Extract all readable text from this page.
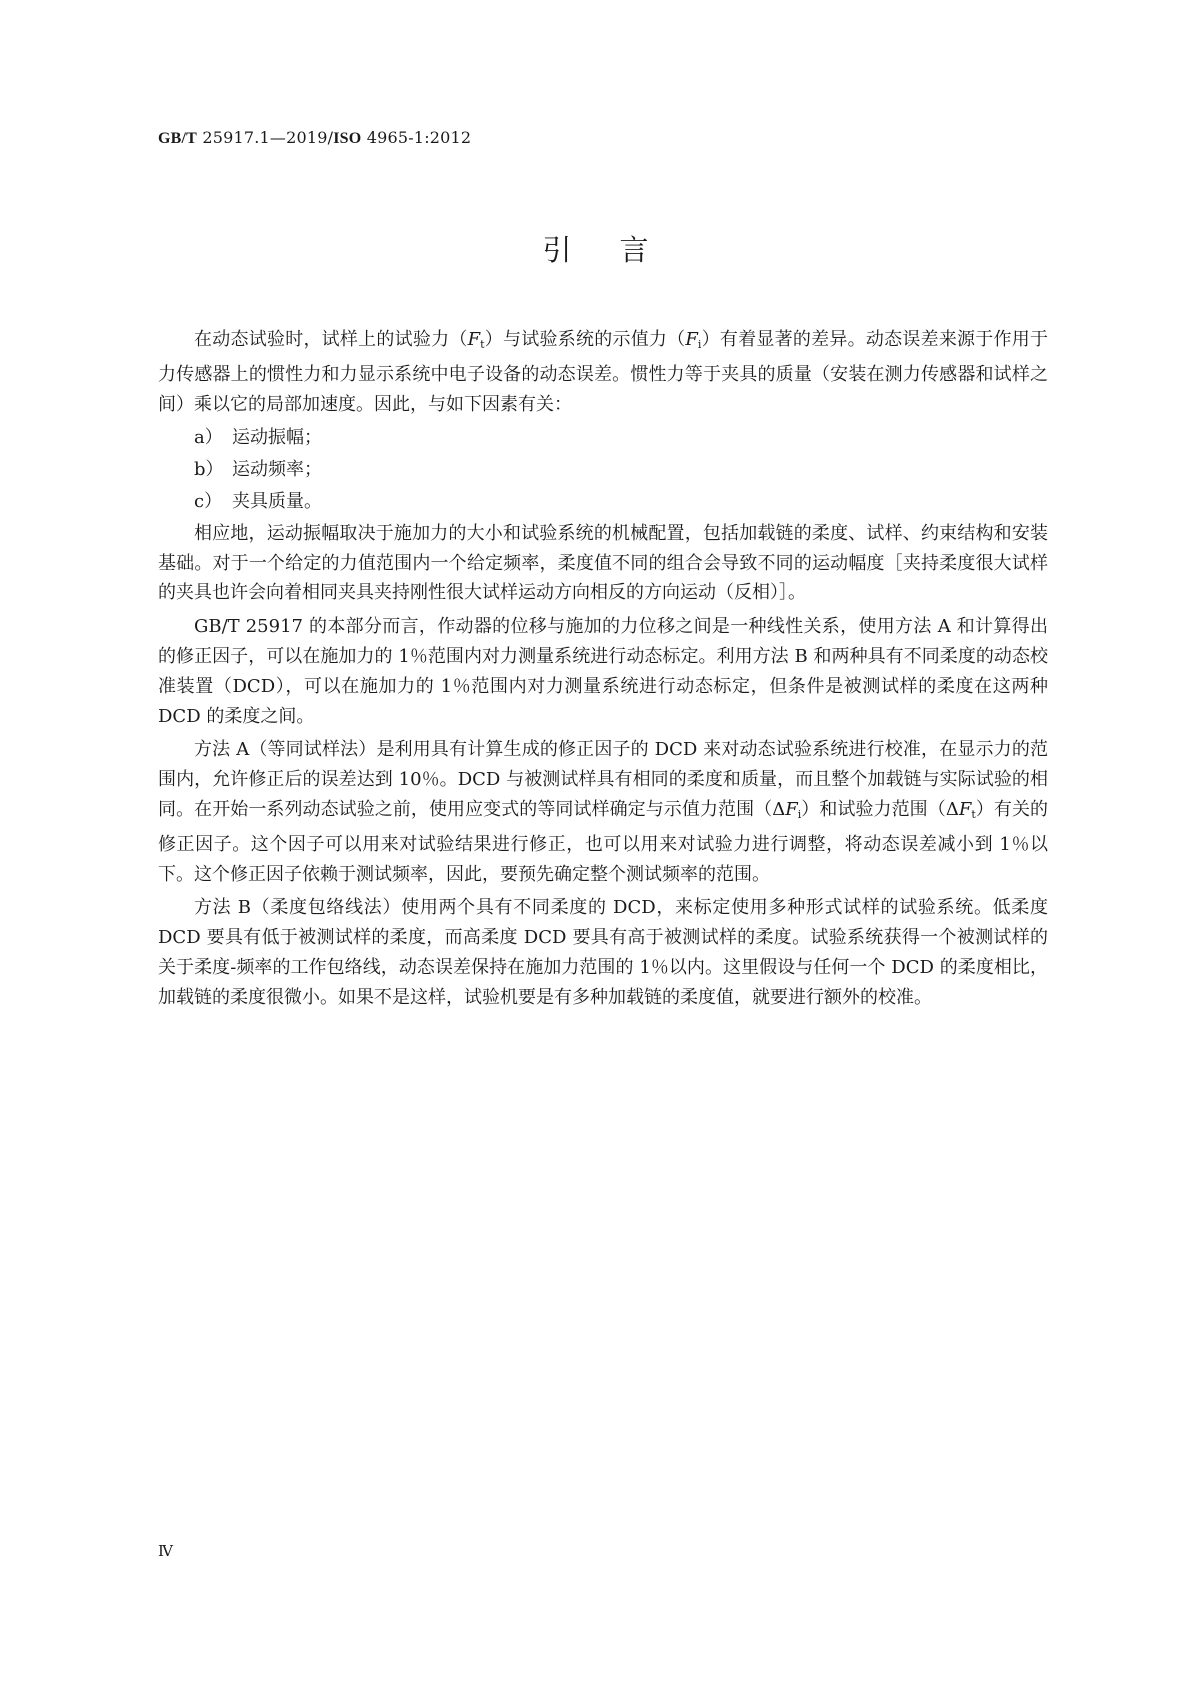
GB/T 25917.1—2019/ISO 4965-1:2012
引言

在动态试验时，试样上的试验力$(F_t)$与试验系统的示值力$(F_i)$有着显著的差异。动态误差来源于作用于力传感器上的惯性力和力显示系统中电子设备的动态误差。惯性力等于夹具的质量（安装在测力传感器和试样之间）乘以它的局部加速度。因此，与如下因素有关：

a） 运动振幅；

b） 运动频率；

c） 夹具质量。

相应地，运动振幅取决于施加力的大小和试验系统的机械配置，包括加载链的柔度、试样、约束结构和安装基础。对于一个给定的力值范围内一个给定频率，柔度值不同的组合会导致不同的运动幅度［夹持柔度很大试样的夹具也许会向着相同夹具夹持刚性很大试样运动方向相反的方向运动（反相）］。

GB/T 25917 的本部分而言，作动器的位移与施加的力位移之间是一种线性关系，使用方法 A 和计算得出的修正因子，可以在施加力的 1％范围内对力测量系统进行动态标定。利用方法 B 和两种具有不同柔度的动态校准装置（DCD），可以在施加力的 1％范围内对力测量系统进行动态标定，但条件是被测试样的柔度在这两种 DCD 的柔度之间。

方法 A（等同试样法）是利用具有计算生成的修正因子的 DCD 来对动态试验系统进行校准，在显示力的范围内，允许修正后的误差达到 10％。DCD 与被测试样具有相同的柔度和质量，而且整个加载链与实际试验的相同。在开始一系列动态试验之前，使用应变式的等同试样确定与示值力范围$(\Delta F_i)$和试验力范围$(\Delta F_t)$有关的修正因子。这个因子可以用来对试验结果进行修正，也可以用来对试验力进行调整，将动态误差减小到 1％以下。这个修正因子依赖于测试频率，因此，要预先确定整个测试频率的范围。

方法 B（柔度包络线法）使用两个具有不同柔度的 DCD，来标定使用多种形式试样的试验系统。低柔度 DCD 要具有低于被测试样的柔度，而高柔度 DCD 要具有高于被测试样的柔度。试验系统获得一个被测试样的关于柔度-频率的工作包络线，动态误差保持在施加力范围的 1％以内。这里假设与任何一个 DCD 的柔度相比，加载链的柔度很微小。如果不是这样，试验机要是有多种加载链的柔度值，就要进行额外的校准。

Ⅳ
